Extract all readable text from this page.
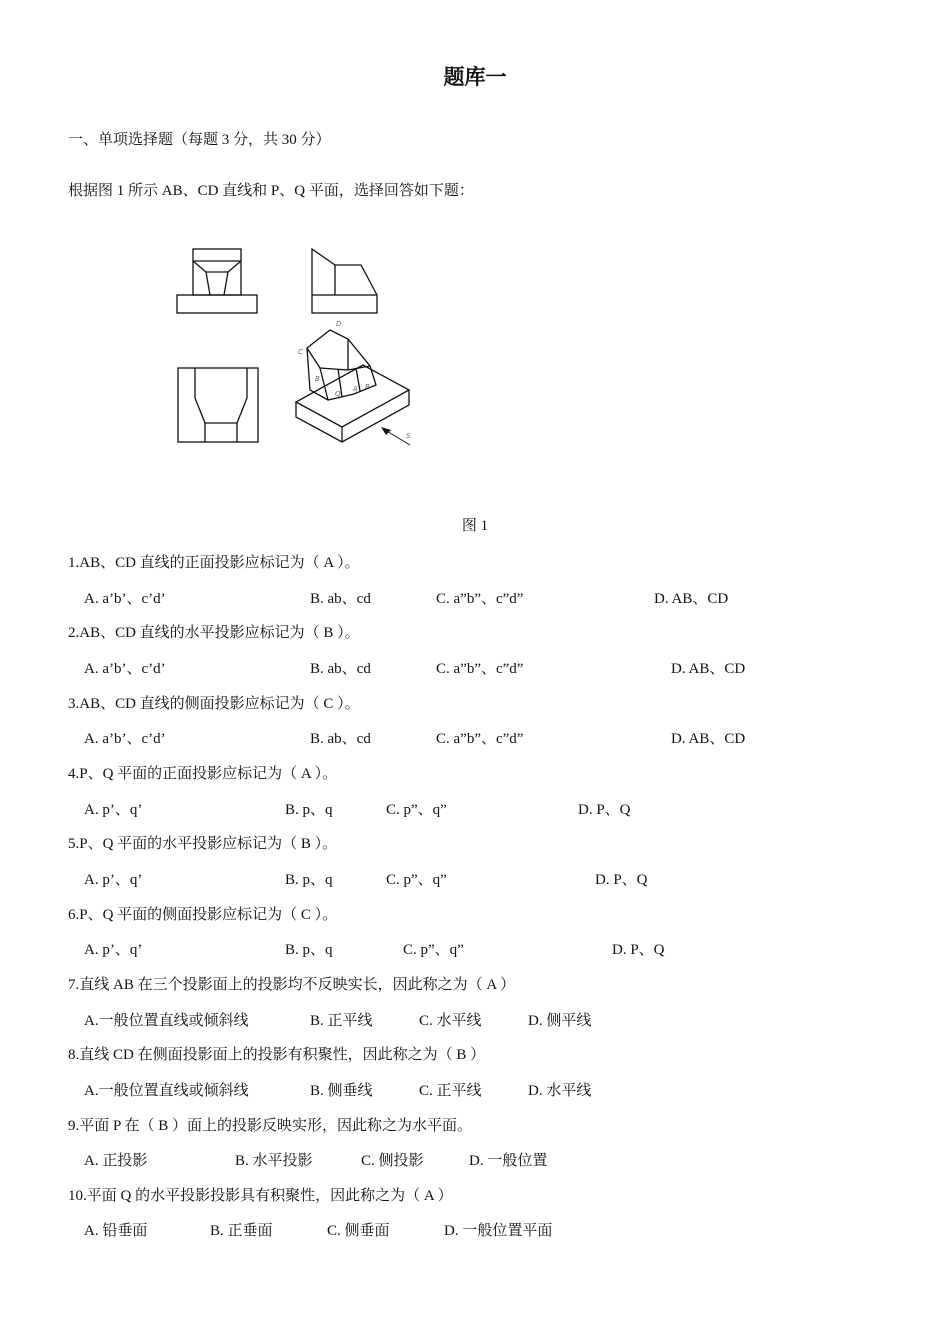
题库一
一、单项选择题（每题 3 分，共 30 分）
根据图 1 所示 AB、CD 直线和 P、Q 平面，选择回答如下题：
D
C
B
Q
A P
S
图 1
1.AB、CD 直线的正面投影应标记为（ A ）。
A. a’b’、c’d’	B. ab、cd	C. a”b”、c”d”	D. AB、CD
2.AB、CD 直线的水平投影应标记为（ B ）。
A. a’b’、c’d’	B. ab、cd	C. a”b”、c”d”	D. AB、CD
3.AB、CD 直线的侧面投影应标记为（ C ）。
A. a’b’、c’d’	B. ab、cd	C. a”b”、c”d”	D. AB、CD
4.P、Q 平面的正面投影应标记为（ A ）。
A. p’、q’	B. p、q	C. p”、q”	D. P、Q
5.P、Q 平面的水平投影应标记为（ B ）。
A. p’、q’	B. p、q	C. p”、q”	D. P、Q
6.P、Q 平面的侧面投影应标记为（ C ）。
A. p’、q’	B. p、q	C. p”、q”	D. P、Q
7.直线 AB 在三个投影面上的投影均不反映实长，因此称之为（ A ）
A.一般位置直线或倾斜线	B. 正平线	C. 水平线	D. 侧平线
8.直线 CD 在侧面投影面上的投影有积聚性，因此称之为（ B ）
A.一般位置直线或倾斜线	B. 侧垂线	C. 正平线	D. 水平线
9.平面 P 在（ B ）面上的投影反映实形，因此称之为水平面。
A. 正投影	B. 水平投影	C. 侧投影	D. 一般位置
10.平面 Q 的水平投影投影具有积聚性，因此称之为（ A ）
A. 铅垂面	B. 正垂面	C. 侧垂面	D. 一般位置平面
